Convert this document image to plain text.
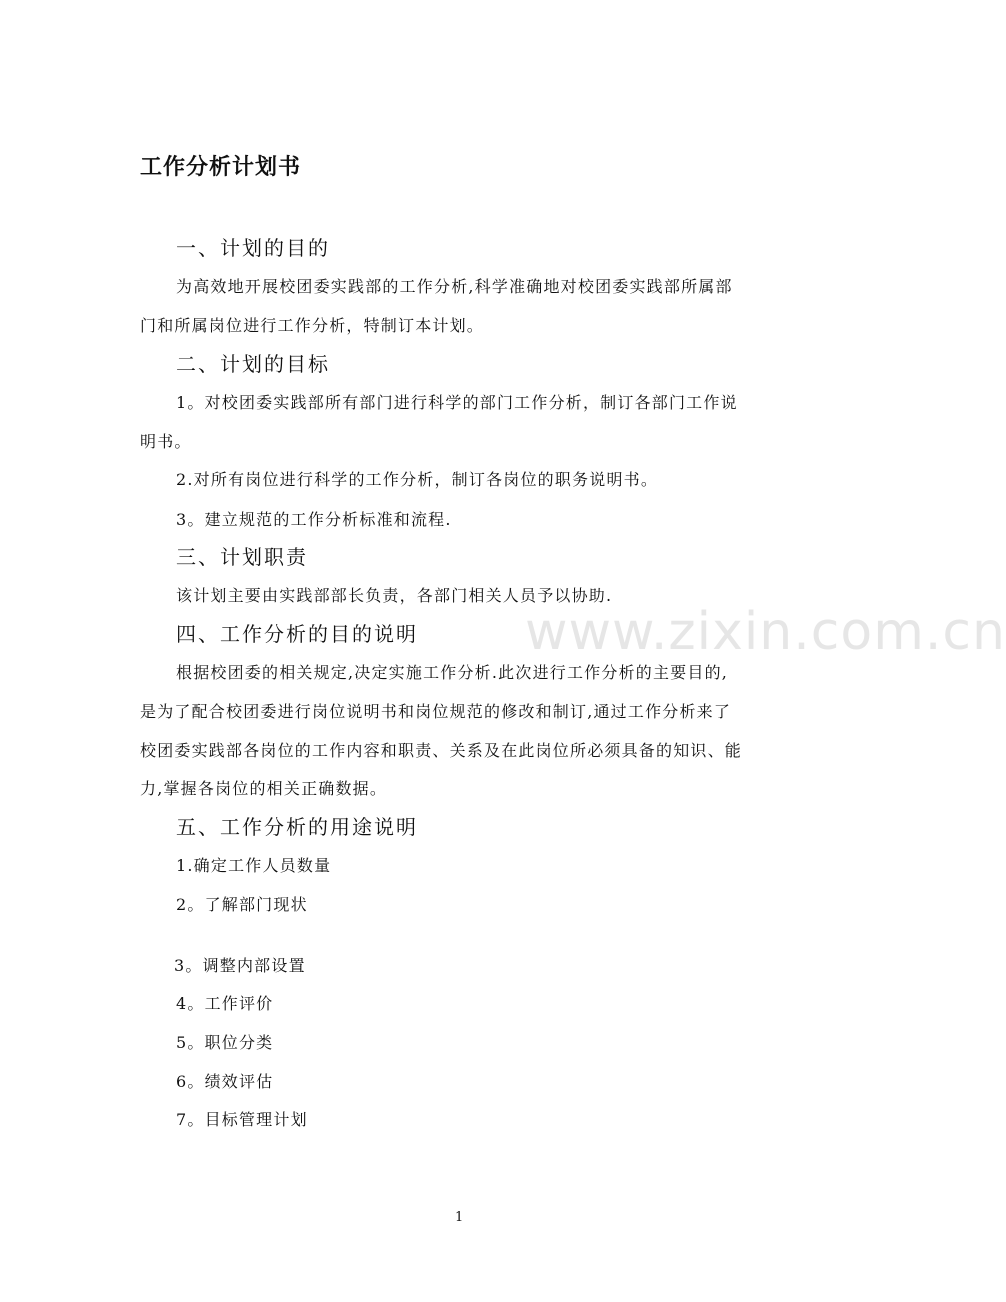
www.zixin.com.cn
工作分析计划书
一、计划的目的
为高效地开展校团委实践部的工作分析,科学准确地对校团委实践部所属部
门和所属岗位进行工作分析，特制订本计划。
二、计划的目标
1。对校团委实践部所有部门进行科学的部门工作分析，制订各部门工作说
明书。
2.对所有岗位进行科学的工作分析，制订各岗位的职务说明书。
3。建立规范的工作分析标准和流程.
三、计划职责
该计划主要由实践部部长负责，各部门相关人员予以协助.
四、工作分析的目的说明
根据校团委的相关规定,决定实施工作分析.此次进行工作分析的主要目的,
是为了配合校团委进行岗位说明书和岗位规范的修改和制订,通过工作分析来了
校团委实践部各岗位的工作内容和职责、关系及在此岗位所必须具备的知识、能
力,掌握各岗位的相关正确数据。
五、工作分析的用途说明
1.确定工作人员数量
2。了解部门现状
3。调整内部设置
4。工作评价
5。职位分类
6。绩效评估
7。目标管理计划
1
